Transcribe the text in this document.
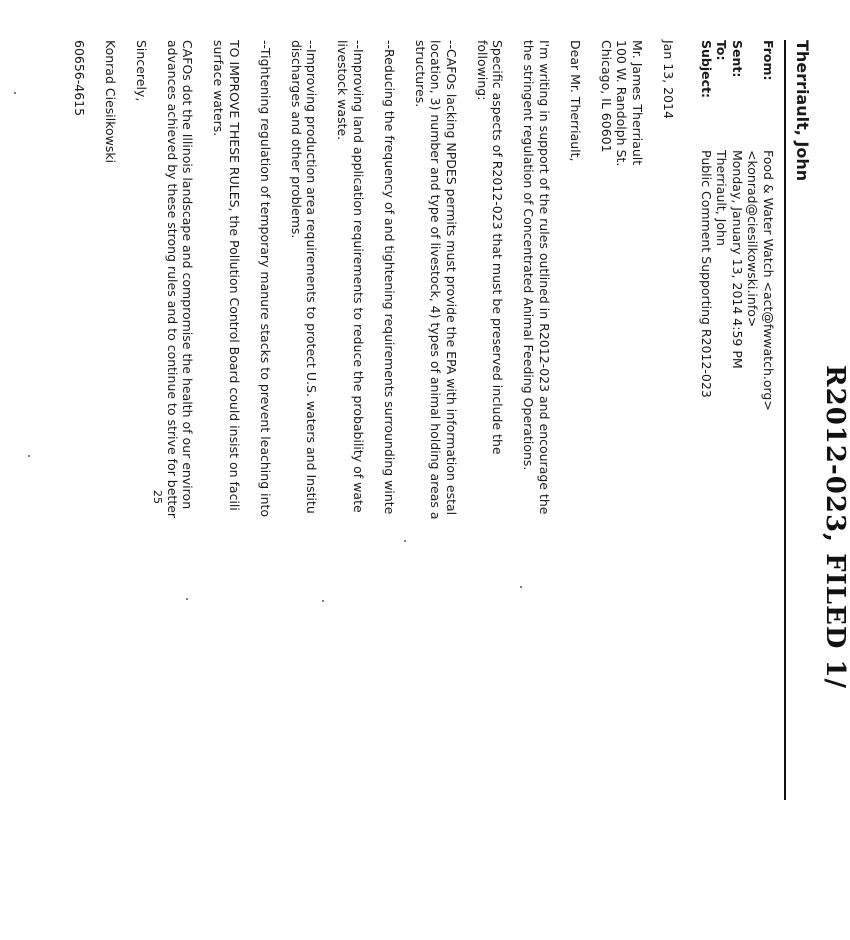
R2012-023, FILED 1/
Therriault, John
From:Food & Water Watch <act@fwwatch.org>
<konrad@ciesilkowski.info>
Sent:Monday, January 13, 2014 4:59 PM
To:Therriault, John
Subject:Public Comment Supporting R2012-023

Jan 13, 2014

Mr. James Therriault

100 W. Randolph St.

Chicago, IL 60601

Dear Mr. Therriault,

I'm writing in support of the rules outlined in R2012-023 and encourage the

the stringent regulation of Concentrated Animal Feeding Operations.

Specific aspects of R2012-023 that must be preserved include the

following:

--CAFOs lacking NPDES permits must provide the EPA with information estal

location, 3) number and type of livestock, 4) types of animal holding areas a

structures.

--Reducing the frequency of and tightening requirements surrounding winte

--Improving land application requirements to reduce the probability of wate

livestock waste.

--Improving production area requirements to protect U.S. waters and Institu

discharges and other problems.

--Tightening regulation of temporary manure stacks to prevent leaching into

TO IMPROVE THESE RULES, the Pollution Control Board could insist on facili

surface waters.

CAFOs dot the Illinois landscape and compromise the health of our environ

advances achieved by these strong rules and to continue to strive for better

Sincerely,

Konrad Ciesilkowski

60656-4615

25
